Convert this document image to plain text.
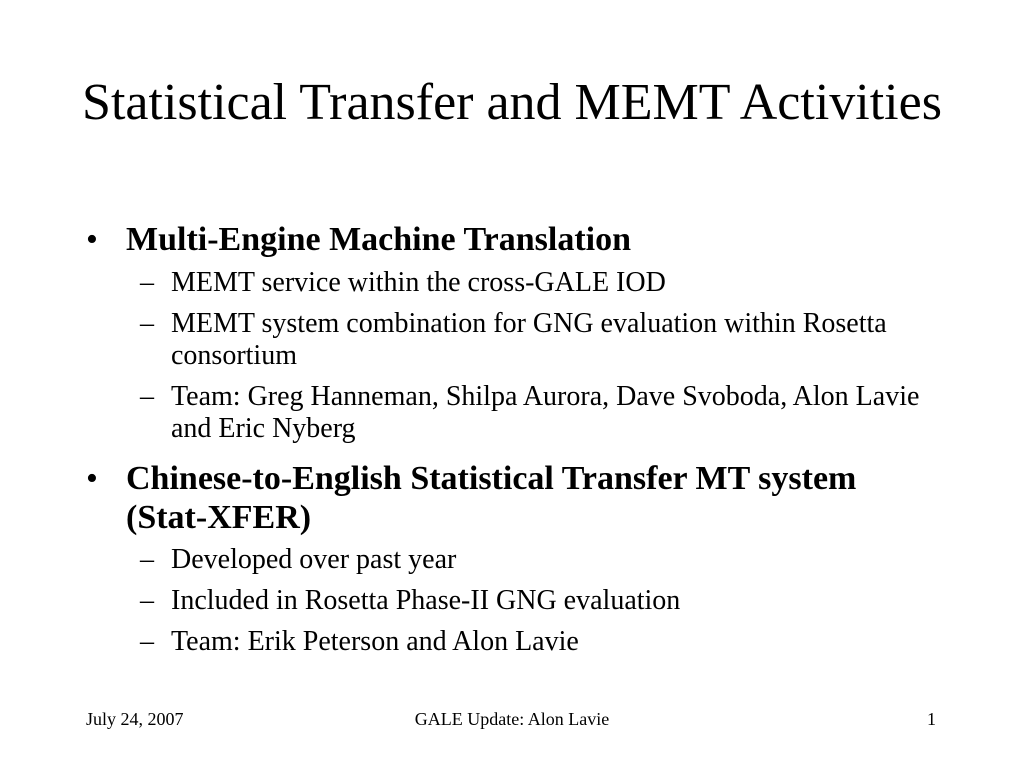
Statistical Transfer and MEMT Activities
• Multi-Engine Machine Translation
– MEMT service within the cross-GALE IOD
– MEMT system combination for GNG evaluation within Rosetta consortium
– Team: Greg Hanneman, Shilpa Aurora, Dave Svoboda, Alon Lavie and Eric Nyberg
• Chinese-to-English Statistical Transfer MT system (Stat-XFER)
– Developed over past year
– Included in Rosetta Phase-II GNG evaluation
– Team: Erik Peterson and Alon Lavie
July 24, 2007	GALE Update: Alon Lavie	1
